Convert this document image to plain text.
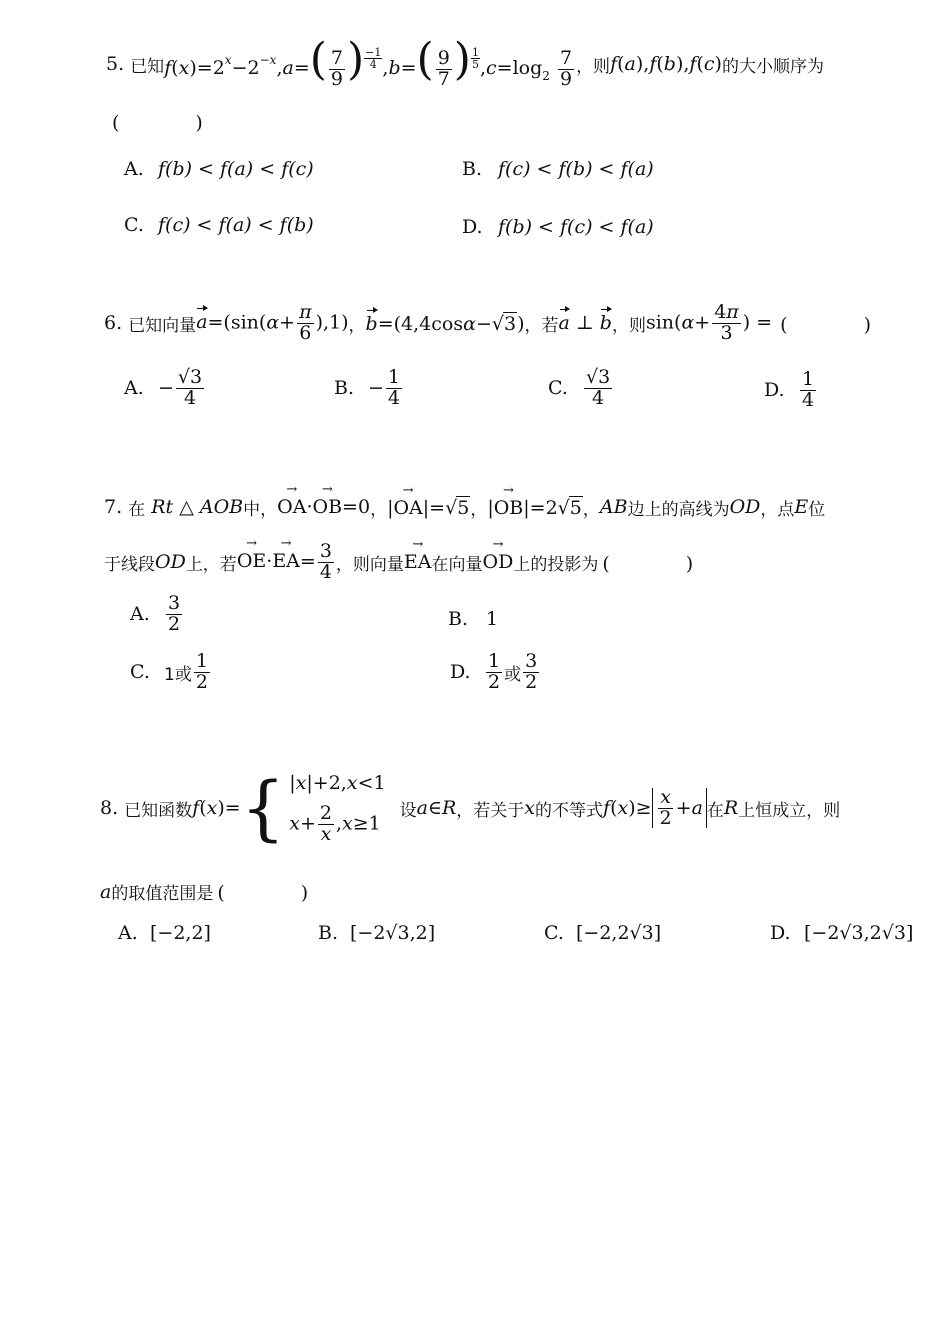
5.
已知 $f(x)=2^x-2^{-x},a=( \frac{7}{9}$ ) $\frac{-1}{4} ,b=( \frac{9}{7}$ ) $\frac{1}{5} ,c=\log_2 \frac{7}{9}$ ，则 f(a),f(b),f(c) 的大小顺序为
(　　　　)
A. f(b) < f(a) < f(c)	B. f(c) < f(b) < f(a)
C. f(c) < f(a) < f(b)	D. f(b) < f(c) < f(a)
6.
已知向量 $a=(\sin(\alpha+ \frac{\pi}{6} ),1)$ ， b=(4,4cosα−√3) ，若 a ⊥ b ，则 $\sin(\alpha+ \frac{4\pi}{3}$ ) = (　　　　)
A. − $\frac{√3}{4}$	B. − $\frac{1}{4}$	C. $\frac{√3}{4}$	D. $\frac{1}{4}$
7.
在
Rt △ AOB 中， OA →·OB →=0 ， |OA →|=√5 ， |OB →|=2√5 ， AB 边上的高线为 OD ，点 E 位
于线段 OD 上，若 OE $\to\cdot EA \to= \frac{3}{4}$ ，则向量 EA → 在向量 OD → 上的投影为 (　　　　)
A. $\frac{3}{2}$	B. 1
C. 1或 $\frac{1}{2}$	D. $\frac{1}{2}$ 或 $\frac{3}{2}$
8.
已知函数 f ( x )= { |x|+2,x<1
$x+ \frac{2}{x} ,x\ge 1$
设 a ∈ R ，若关于 x 的不等式 f ( x )≥ $\frac{x}{2} + a$ 在 R 上恒成立，则
a 的取值范围是 (　　　　)
A. [−2,2]	B. [−2√3,2]	C. [−2,2√3]	D. [−2√3,2√3]
